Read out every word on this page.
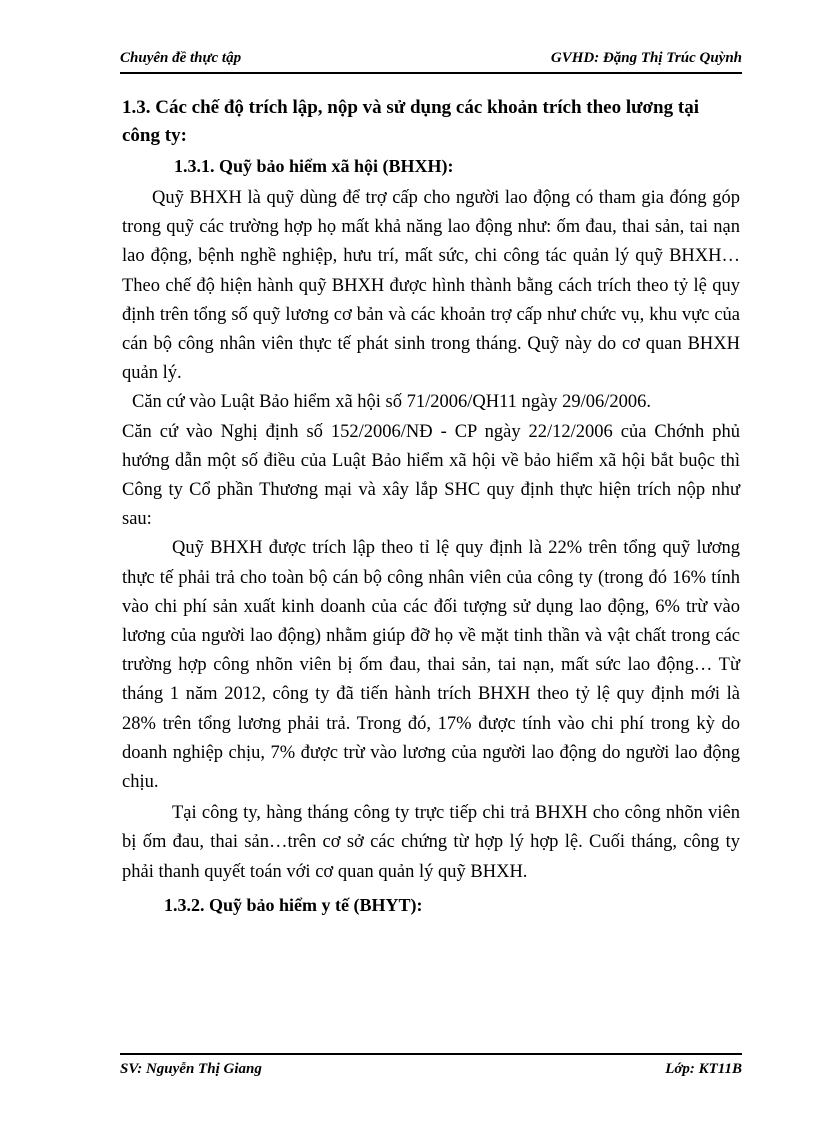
Chuyên đề thực tập	GVHD: Đặng Thị Trúc Quỳnh
1.3. Các chế độ trích lập, nộp và sử dụng các khoản trích theo lương tại công ty:
1.3.1. Quỹ bảo hiểm xã hội (BHXH):

Quỹ BHXH là quỹ dùng để trợ cấp cho người lao động có tham gia đóng góp trong quỹ các trường hợp họ mất khả năng lao động như: ốm đau, thai sản, tai nạn lao động, bệnh nghề nghiệp, hưu trí, mất sức, chi công tác quản lý quỹ BHXH… Theo chế độ hiện hành quỹ BHXH được hình thành bằng cách trích theo tỷ lệ quy định trên tổng số quỹ lương cơ bản và các khoản trợ cấp như chức vụ, khu vực của cán bộ công nhân viên thực tế phát sinh trong tháng. Quỹ này do cơ quan BHXH quản lý.

Căn cứ vào Luật Bảo hiểm xã hội số 71/2006/QH11 ngày 29/06/2006.

Căn cứ vào Nghị định số 152/2006/NĐ - CP ngày 22/12/2006 của Chớnh phủ hướng dẫn một số điều của Luật Bảo hiểm xã hội về bảo hiểm xã hội bắt buộc thì Công ty Cổ phần Thương mại và xây lắp SHC quy định thực hiện trích nộp như sau:

Quỹ BHXH được trích lập theo tỉ lệ quy định là 22% trên tổng quỹ lương thực tế phải trả cho toàn bộ cán bộ công nhân viên của công ty (trong đó 16% tính vào chi phí sản xuất kinh doanh của các đối tượng sử dụng lao động, 6% trừ vào lương của người lao động) nhằm giúp đỡ họ về mặt tinh thần và vật chất trong các trường hợp công nhõn viên bị ốm đau, thai sản, tai nạn, mất sức lao động… Từ tháng 1 năm 2012, công ty đã tiến hành trích BHXH theo tỷ lệ quy định mới là 28% trên tổng lương phải trả. Trong đó, 17% được tính vào chi phí trong kỳ do doanh nghiệp chịu, 7% được trừ vào lương của người lao động do người lao động chịu.

Tại công ty, hàng tháng công ty trực tiếp chi trả BHXH cho công nhõn viên bị ốm đau, thai sản…trên cơ sở các chứng từ hợp lý hợp lệ. Cuối tháng, công ty phải thanh quyết toán với cơ quan quản lý quỹ BHXH.

1.3.2. Quỹ bảo hiểm y tế (BHYT):
SV: Nguyễn Thị Giang	Lớp: KT11B
